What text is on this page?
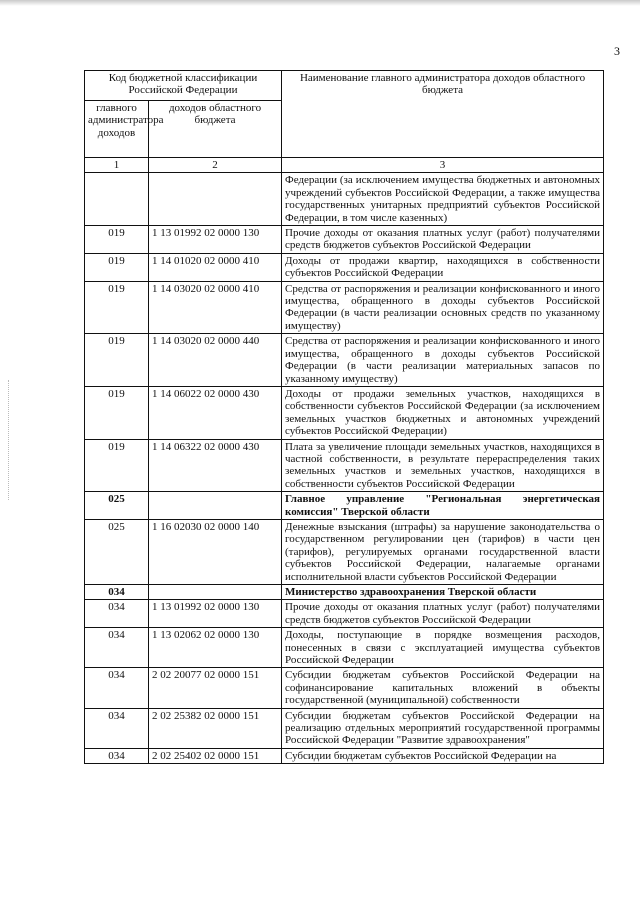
3
Код бюджетной классификации Российской Федерации		Наименование главного администратора доходов областного бюджета
главного администратора доходов	доходов областного бюджета	
1	2	3
		Федерации (за исключением имущества бюджетных и автономных учреждений субъектов Российской Федерации, а также имущества государственных унитарных предприятий субъектов Российской Федерации, в том числе казенных)
019	1 13 01992 02 0000 130	Прочие доходы от оказания платных услуг (работ) получателями средств бюджетов субъектов Российской Федерации
019	1 14 01020 02 0000 410	Доходы от продажи квартир, находящихся в собственности субъектов Российской Федерации
019	1 14 03020 02 0000 410	Средства от распоряжения и реализации конфискованного и иного имущества, обращенного в доходы субъектов Российской Федерации (в части реализации основных средств по указанному имуществу)
019	1 14 03020 02 0000 440	Средства от распоряжения и реализации конфискованного и иного имущества, обращенного в доходы субъектов Российской Федерации (в части реализации материальных запасов по указанному имуществу)
019	1 14 06022 02 0000 430	Доходы от продажи земельных участков, находящихся в собственности субъектов Российской Федерации (за исключением земельных участков бюджетных и автономных учреждений субъектов Российской Федерации)
019	1 14 06322 02 0000 430	Плата за увеличение площади земельных участков, находящихся в частной собственности, в результате перераспределения таких земельных участков и земельных участков, находящихся в собственности субъектов Российской Федерации
025		Главное управление "Региональная энергетическая комиссия" Тверской области
025	1 16 02030 02 0000 140	Денежные взыскания (штрафы) за нарушение законодательства о государственном регулировании цен (тарифов) в части цен (тарифов), регулируемых органами государственной власти субъектов Российской Федерации, налагаемые органами исполнительной власти субъектов Российской Федерации
034		Министерство здравоохранения Тверской области
034	1 13 01992 02 0000 130	Прочие доходы от оказания платных услуг (работ) получателями средств бюджетов субъектов Российской Федерации
034	1 13 02062 02 0000 130	Доходы, поступающие в порядке возмещения расходов, понесенных в связи с эксплуатацией имущества субъектов Российской Федерации
034	2 02 20077 02 0000 151	Субсидии бюджетам субъектов Российской Федерации на софинансирование капитальных вложений в объекты государственной (муниципальной) собственности
034	2 02 25382 02 0000 151	Субсидии бюджетам субъектов Российской Федерации на реализацию отдельных мероприятий государственной программы Российской Федерации "Развитие здравоохранения"
034	2 02 25402 02 0000 151	Субсидии бюджетам субъектов Российской Федерации на
